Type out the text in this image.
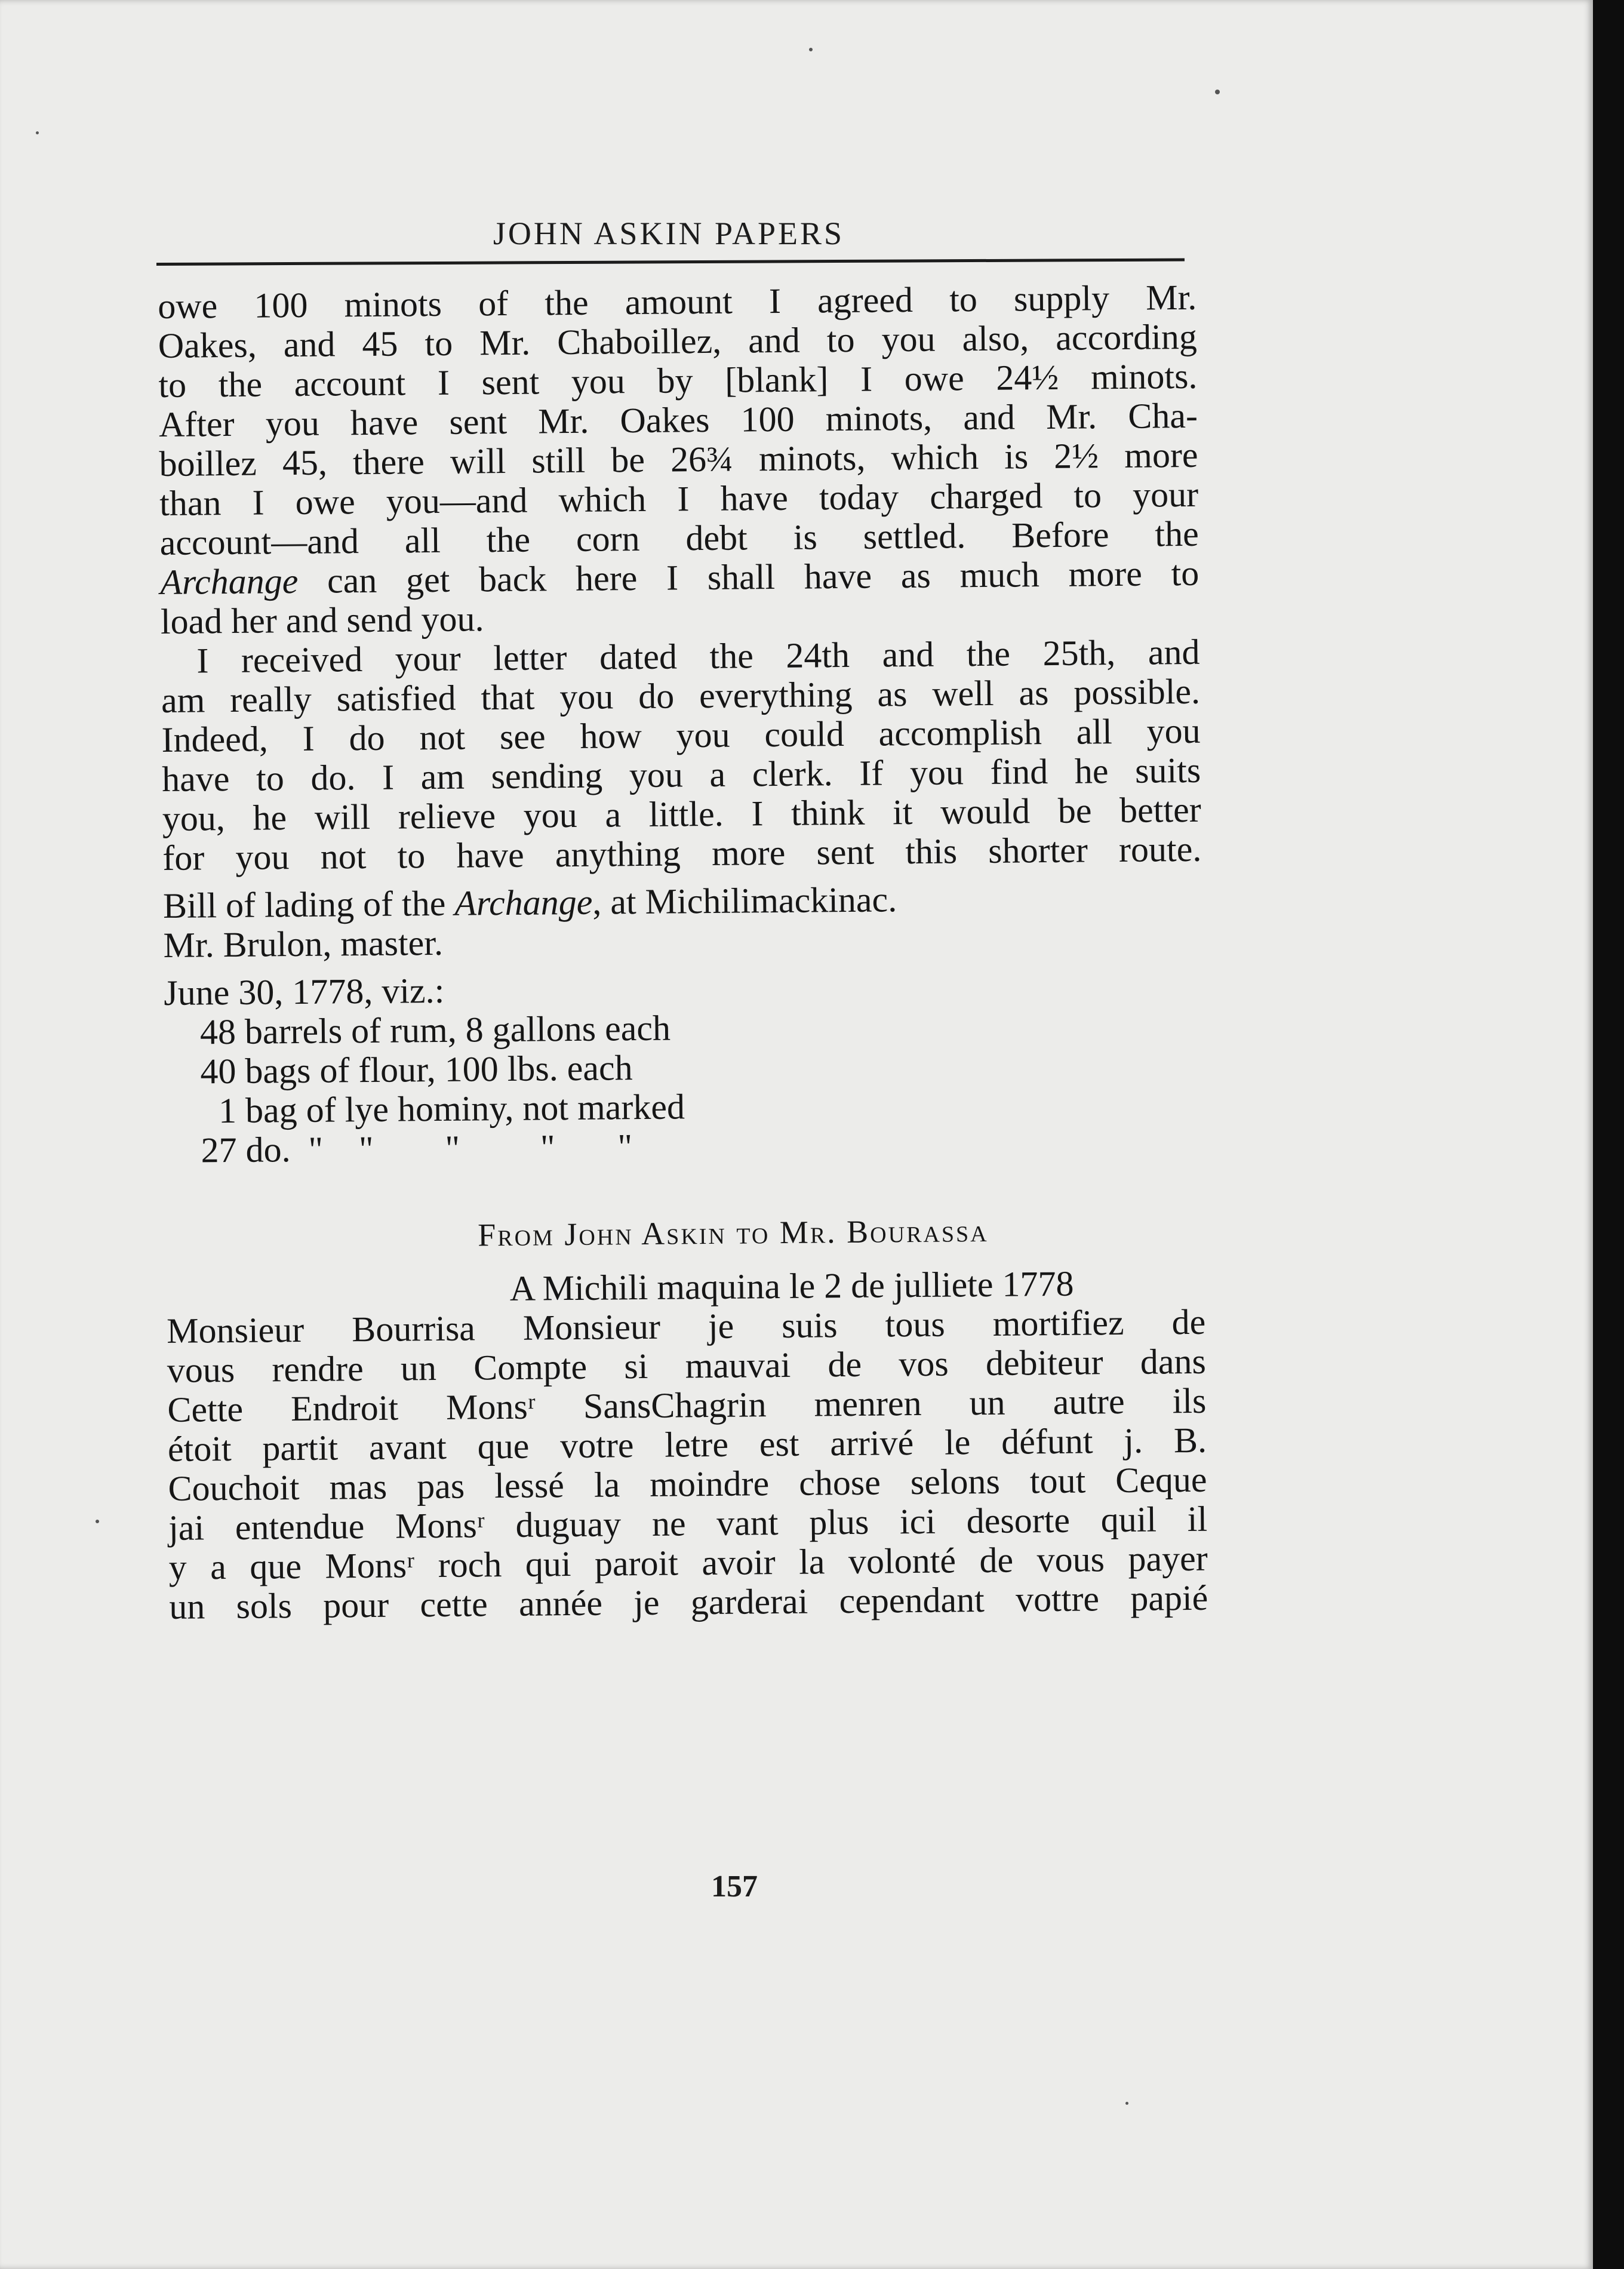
JOHN ASKIN PAPERS
owe 100 minots of the amount I agreed to supply Mr.
Oakes, and 45 to Mr. Chaboillez, and to you also, according
to the account I sent you by [blank] I owe 24½ minots.
After you have sent Mr. Oakes 100 minots, and Mr. Cha-
boillez 45, there will still be 26¾ minots, which is 2½ more
than I owe you—and which I have today charged to your
account—and all the corn debt is settled. Before the
Archange can get back here I shall have as much more to
load her and send you.
I received your letter dated the 24th and the 25th, and
am really satisfied that you do everything as well as possible.
Indeed, I do not see how you could accomplish all you
have to do. I am sending you a clerk. If you find he suits
you, he will relieve you a little. I think it would be better
for you not to have anything more sent this shorter route.
Bill of lading of the Archange, at Michilimackinac.
Mr. Brulon, master.
June 30, 1778, viz.:
48 barrels of rum, 8 gallons each
40 bags of flour, 100 lbs. each
1 bag of lye hominy, not marked
27 do.  "    "        "         "       "
From John Askin to Mr. Bourassa
A Michili maquina le 2 de julliete 1778
Monsieur Bourrisa Monsieur je suis tous mortifiez de
vous rendre un Compte si mauvai de vos debiteur dans
Cette Endroit Monsʳ SansChagrin menren un autre ils
étoit partit avant que votre letre est arrivé le défunt j. B.
Couchoit mas pas lessé la moindre chose selons tout Ceque
jai entendue Monsʳ duguay ne vant plus ici desorte quil il
y a que Monsʳ roch qui paroit avoir la volonté de vous payer
un sols pour cette année je garderai cependant vottre papié
157
